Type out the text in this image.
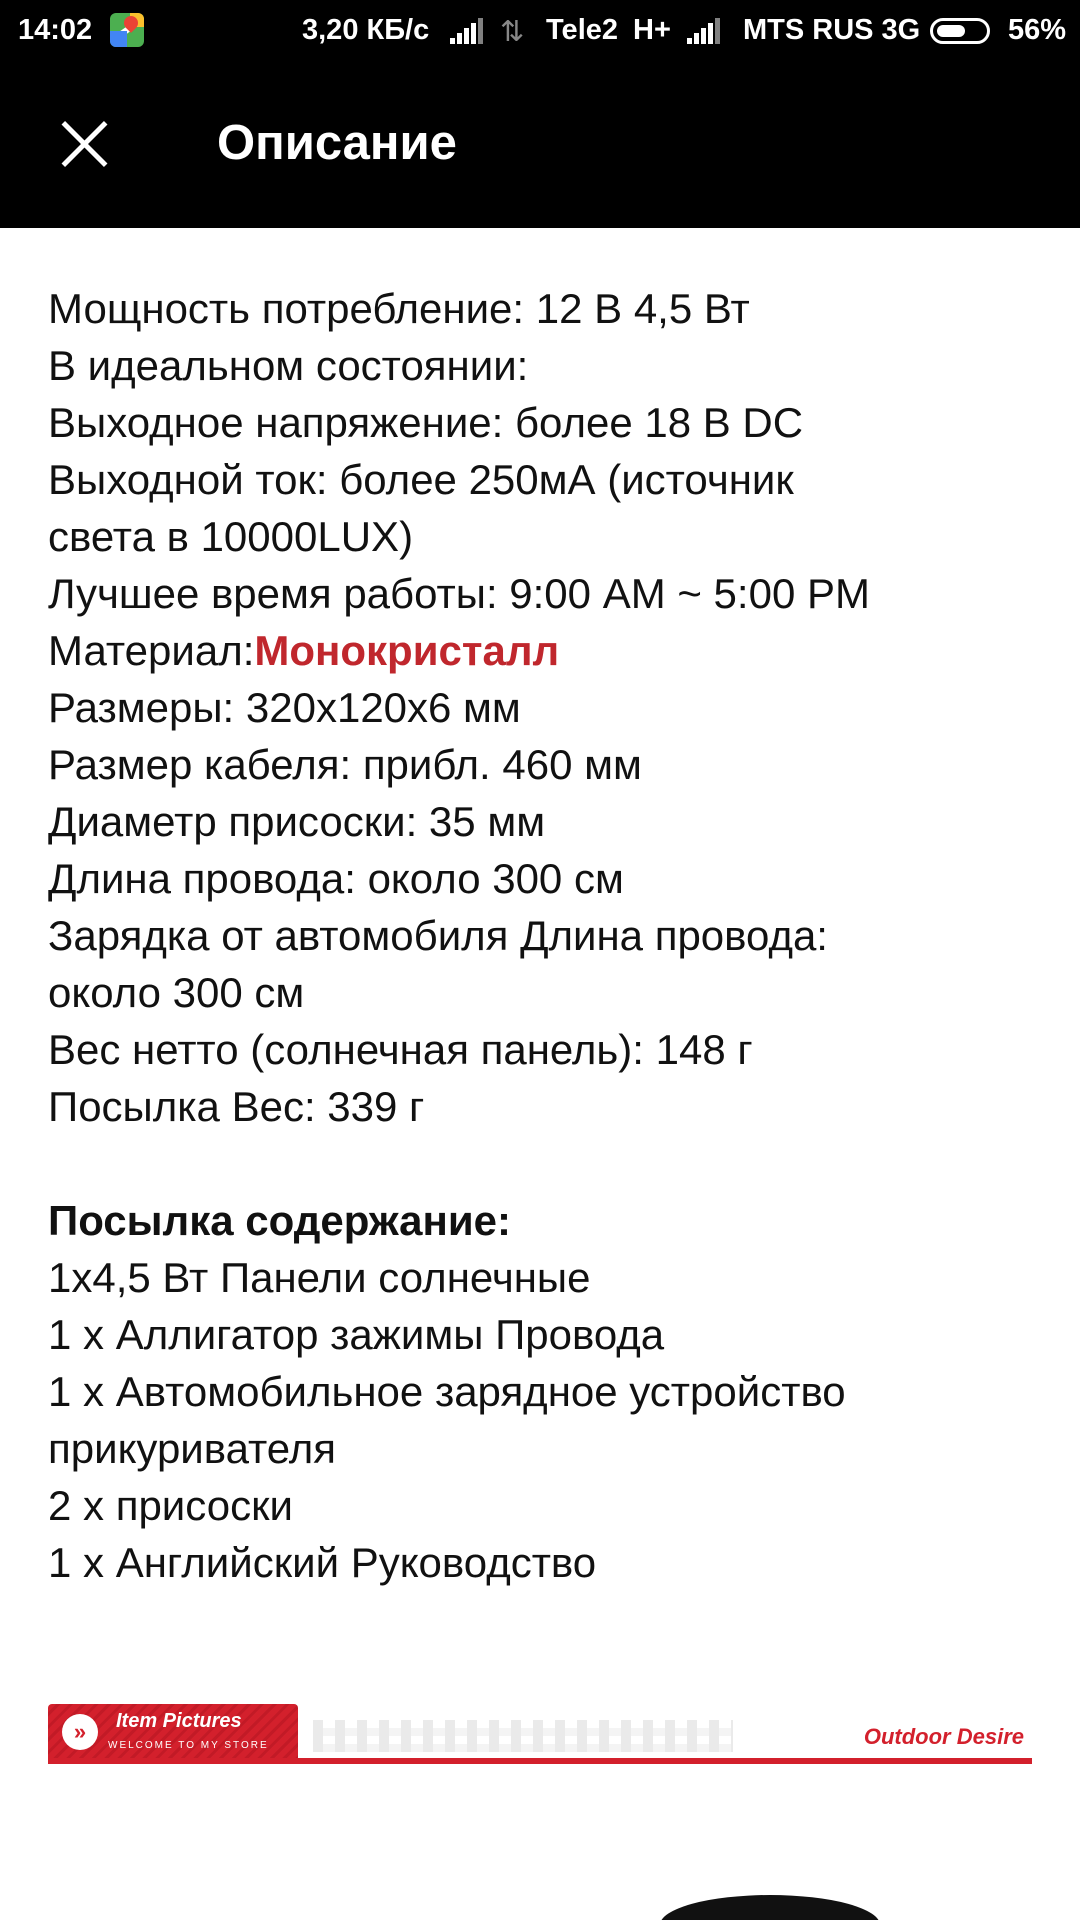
14:02	3,20 КБ/с ⇅ Tele2 H+ MTS RUS 3G	56%
Описание
Мощность потребление: 12 В 4,5 Вт
В идеальном состоянии:
Выходное напряжение: более 18 В DC
Выходной ток: более 250мА (источник
света в 10000LUX)
Лучшее время работы: 9:00 AM ~ 5:00 PM
Материал:Монокристалл
Размеры: 320x120x6 мм
Размер кабеля: прибл. 460 мм
Диаметр присоски: 35 мм
Длина провода: около 300 см
Зарядка от автомобиля Длина провода:
около 300 см
Вес нетто (солнечная панель): 148 г
Посылка Вес: 339 г
Посылка содержание:
1x4,5 Вт Панели солнечные
1 x Аллигатор зажимы Провода
1 x Автомобильное зарядное устройство
прикуривателя
2 x присоски
1 x Английский Руководство
»	Item Pictures
WELCOME TO MY STORE	Outdoor Desire
